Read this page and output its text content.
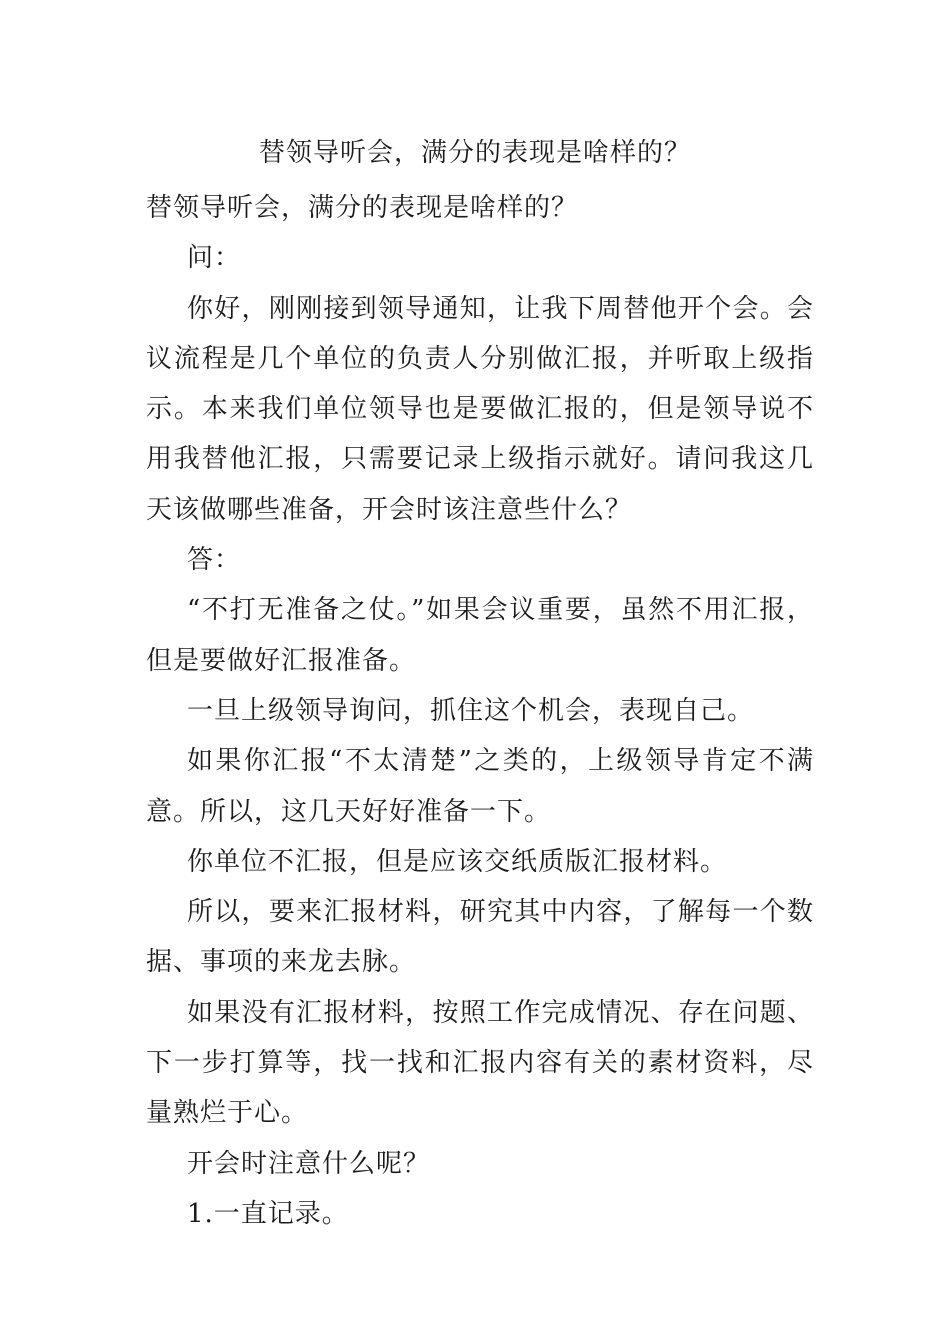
替领导听会，满分的表现是啥样的？

替领导听会，满分的表现是啥样的？

问：

你好，刚刚接到领导通知，让我下周替他开个会。会议流程是几个单位的负责人分别做汇报，并听取上级指示。本来我们单位领导也是要做汇报的，但是领导说不用我替他汇报，只需要记录上级指示就好。请问我这几天该做哪些准备，开会时该注意些什么？

答：

“不打无准备之仗。”如果会议重要，虽然不用汇报，但是要做好汇报准备。

一旦上级领导询问，抓住这个机会，表现自己。

如果你汇报“不太清楚”之类的，上级领导肯定不满意。所以，这几天好好准备一下。

你单位不汇报，但是应该交纸质版汇报材料。

所以，要来汇报材料，研究其中内容，了解每一个数据、事项的来龙去脉。

如果没有汇报材料，按照工作完成情况、存在问题、下一步打算等，找一找和汇报内容有关的素材资料，尽量熟烂于心。

开会时注意什么呢？

1.一直记录。
